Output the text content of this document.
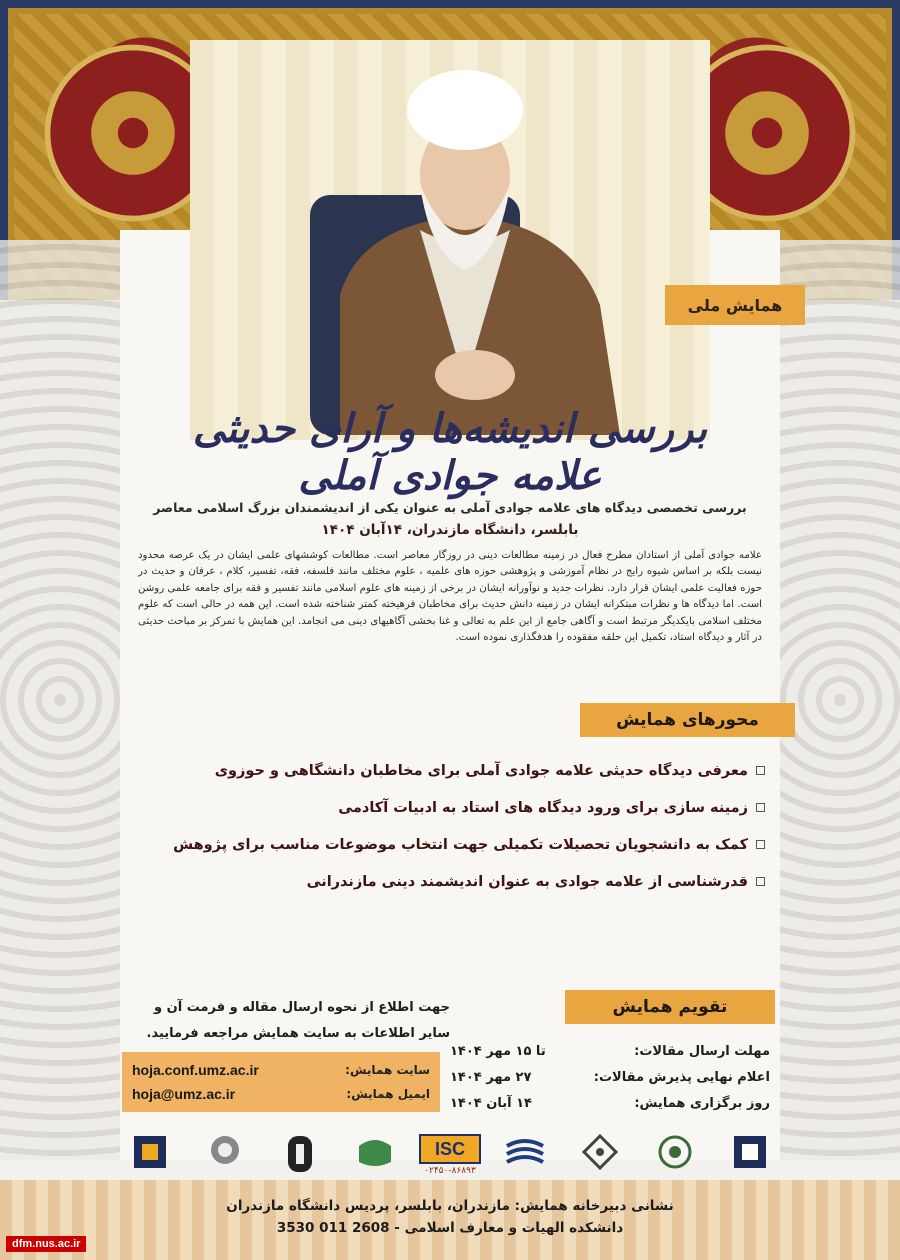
همایش ملی
بررسی اندیشه‌ها و آرای حدیثی علامه جوادی آملی
بررسی تخصصی دیدگاه های علامه جوادی آملی به عنوان یکی از اندیشمندان بزرگ اسلامی معاصر
بابلسر، دانشگاه مازندران، ۱۴آبان ۱۴۰۴
علامه جوادی آملی از استادان مطرح فعال در زمینه مطالعات دینی در روزگار معاصر است. مطالعات کوششهای علمی ایشان در یک عرصه محدود نیست بلکه بر اساس شیوه رایج در نظام آموزشی و پژوهشی حوزه های علمیه ، علوم مختلف مانند فلسفه، فقه، تفسیر، کلام ، عرفان و حدیث در حوزه فعالیت علمی ایشان قرار دارد. نظرات جدید و نوآورانه ایشان در برخی از زمینه های علوم اسلامی مانند تفسیر و فقه برای جامعه علمی روشن است. اما دیدگاه ها و نظرات مبتکرانه ایشان در زمینه دانش حدیث برای مخاطبان فرهیخته کمتر شناخته شده است. این همه در حالی است که علوم مختلف اسلامی بایکدیگر مرتبط است و آگاهی جامع از این علم به تعالی و غنا بخشی آگاهیهای دینی می انجامد. این همایش با تمرکز بر مباحث حدیثی در آثار و دیدگاه استاد، تکمیل این حلقه مفقوده را هدفگذاری نموده است.
محورهای همایش
معرفی دیدگاه حدیثی علامه جوادی آملی برای مخاطبان دانشگاهی و حوزوی
زمینه سازی برای ورود دیدگاه های استاد به ادبیات آکادمی
کمک به دانشجویان تحصیلات تکمیلی جهت انتخاب موضوعات مناسب برای پژوهش
قدرشناسی از علامه جوادی به عنوان اندیشمند دینی مازندرانی
تقویم همایش
مهلت ارسال مقالات:
تا ۱۵ مهر ۱۴۰۴
اعلام نهایی پذیرش مقالات:
۲۷ مهر ۱۴۰۴
روز برگزاری همایش:
۱۴ آبان ۱۴۰۴
جهت اطلاع از نحوه ارسال مقاله و فرمت آن و سایر اطلاعات به سایت همایش مراجعه فرمایید.
سایت همایش:
hoja.conf.umz.ac.ir
ایمیل همایش:
hoja@umz.ac.ir
ISC
۰۲۴۵۰-۸۶۸۹۳
نشانی دبیرخانه همایش: مازندران، بابلسر، پردیس دانشگاه مازندران
دانشکده الهیات و معارف اسلامی - 2608 011 3530
dfm.nus.ac.ir
